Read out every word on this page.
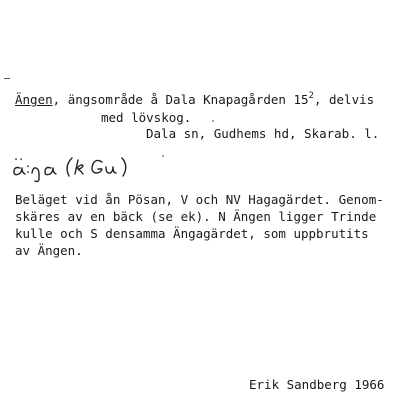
Ängen, ängsområde å Dala Knapagården $15^2$, delvis
med lövskog.
Dala sn, Gudhems hd, Skarab. l.
Beläget vid ån Pösan, V och NV Hagagärdet. Genom-
skäres av en bäck (se ek). N Ängen ligger Trinde
kulle och S densamma Ängagärdet, som uppbrutits
av Ängen.
Erik Sandberg 1966
